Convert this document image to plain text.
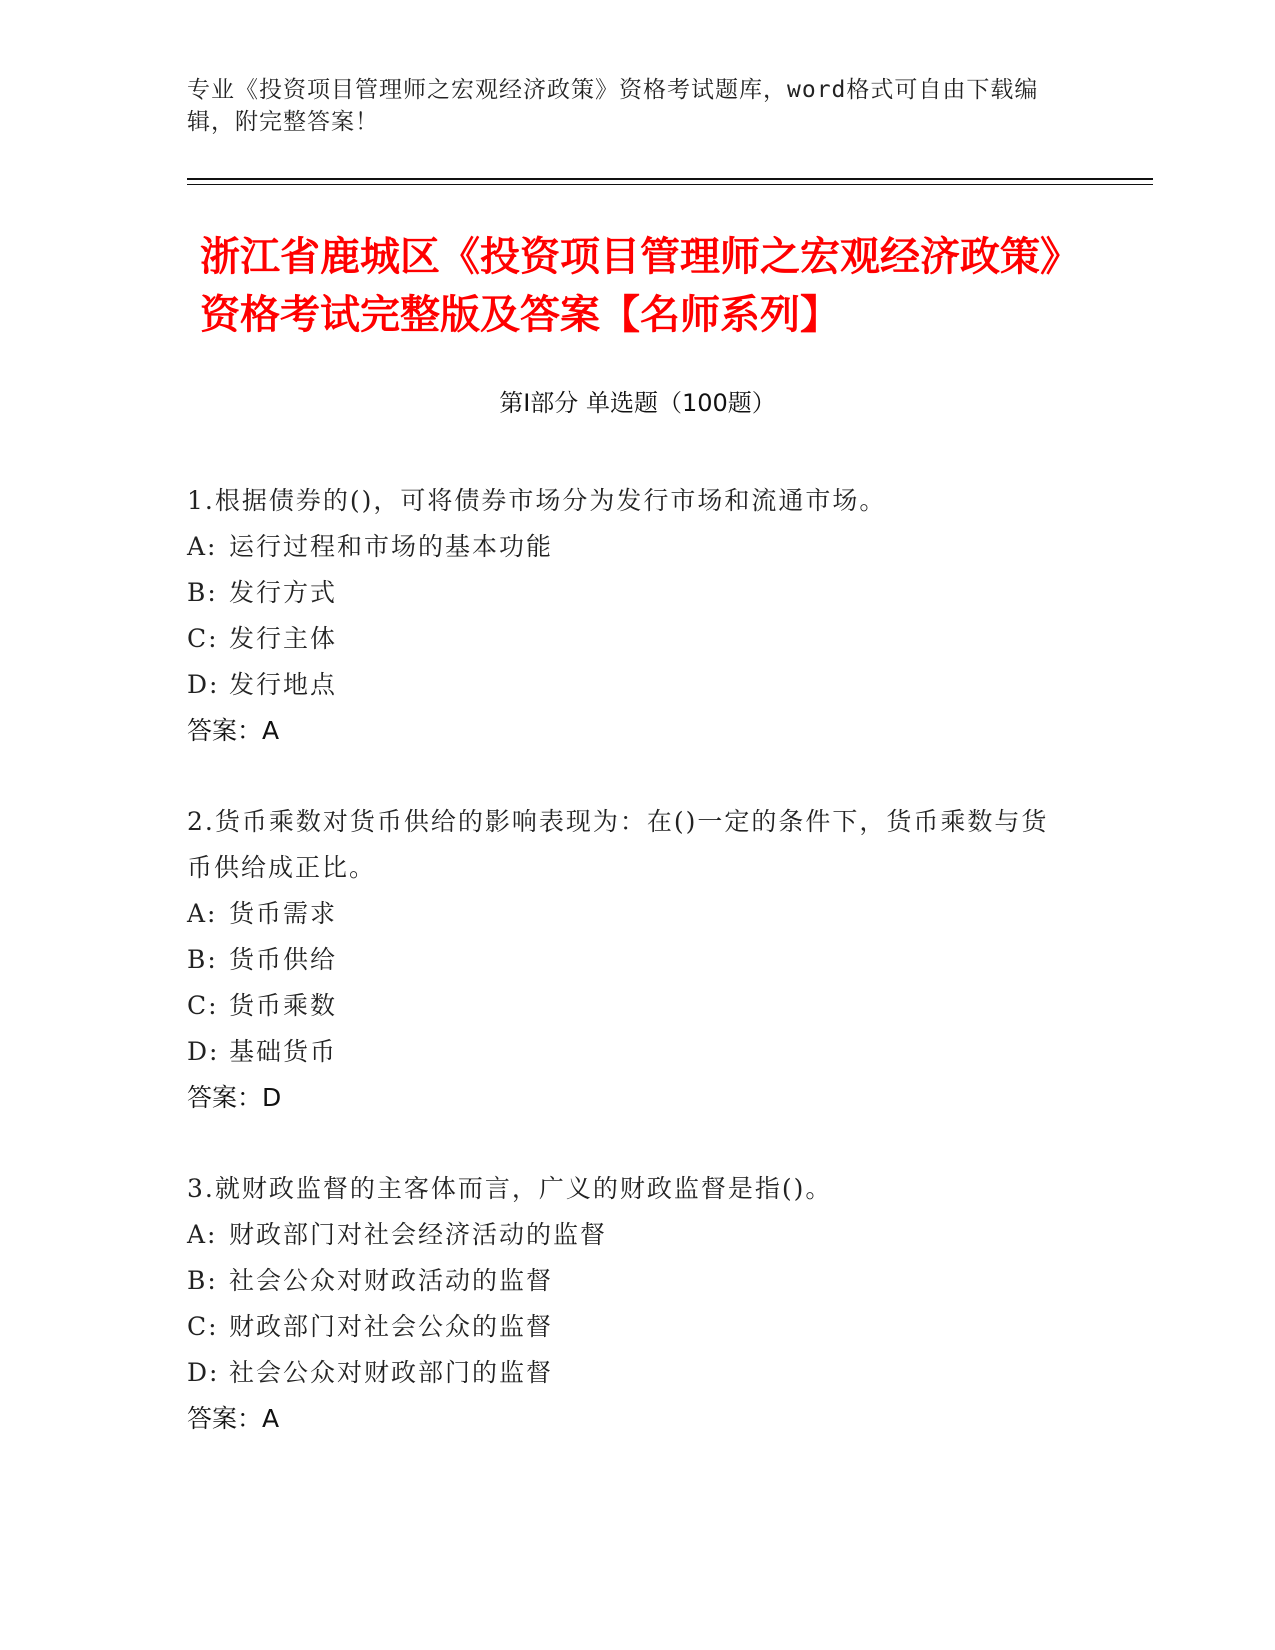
专业《投资项目管理师之宏观经济政策》资格考试题库，word格式可自由下载编辑，附完整答案！
浙江省鹿城区《投资项目管理师之宏观经济政策》资格考试完整版及答案【名师系列】
第I部分 单选题（100题）
1.根据债券的()，可将债券市场分为发行市场和流通市场。
A: 运行过程和市场的基本功能
B: 发行方式
C: 发行主体
D: 发行地点
答案：A
2.货币乘数对货币供给的影响表现为：在()一定的条件下，货币乘数与货币供给成正比。
A: 货币需求
B: 货币供给
C: 货币乘数
D: 基础货币
答案：D
3.就财政监督的主客体而言，广义的财政监督是指()。
A: 财政部门对社会经济活动的监督
B: 社会公众对财政活动的监督
C: 财政部门对社会公众的监督
D: 社会公众对财政部门的监督
答案：A
